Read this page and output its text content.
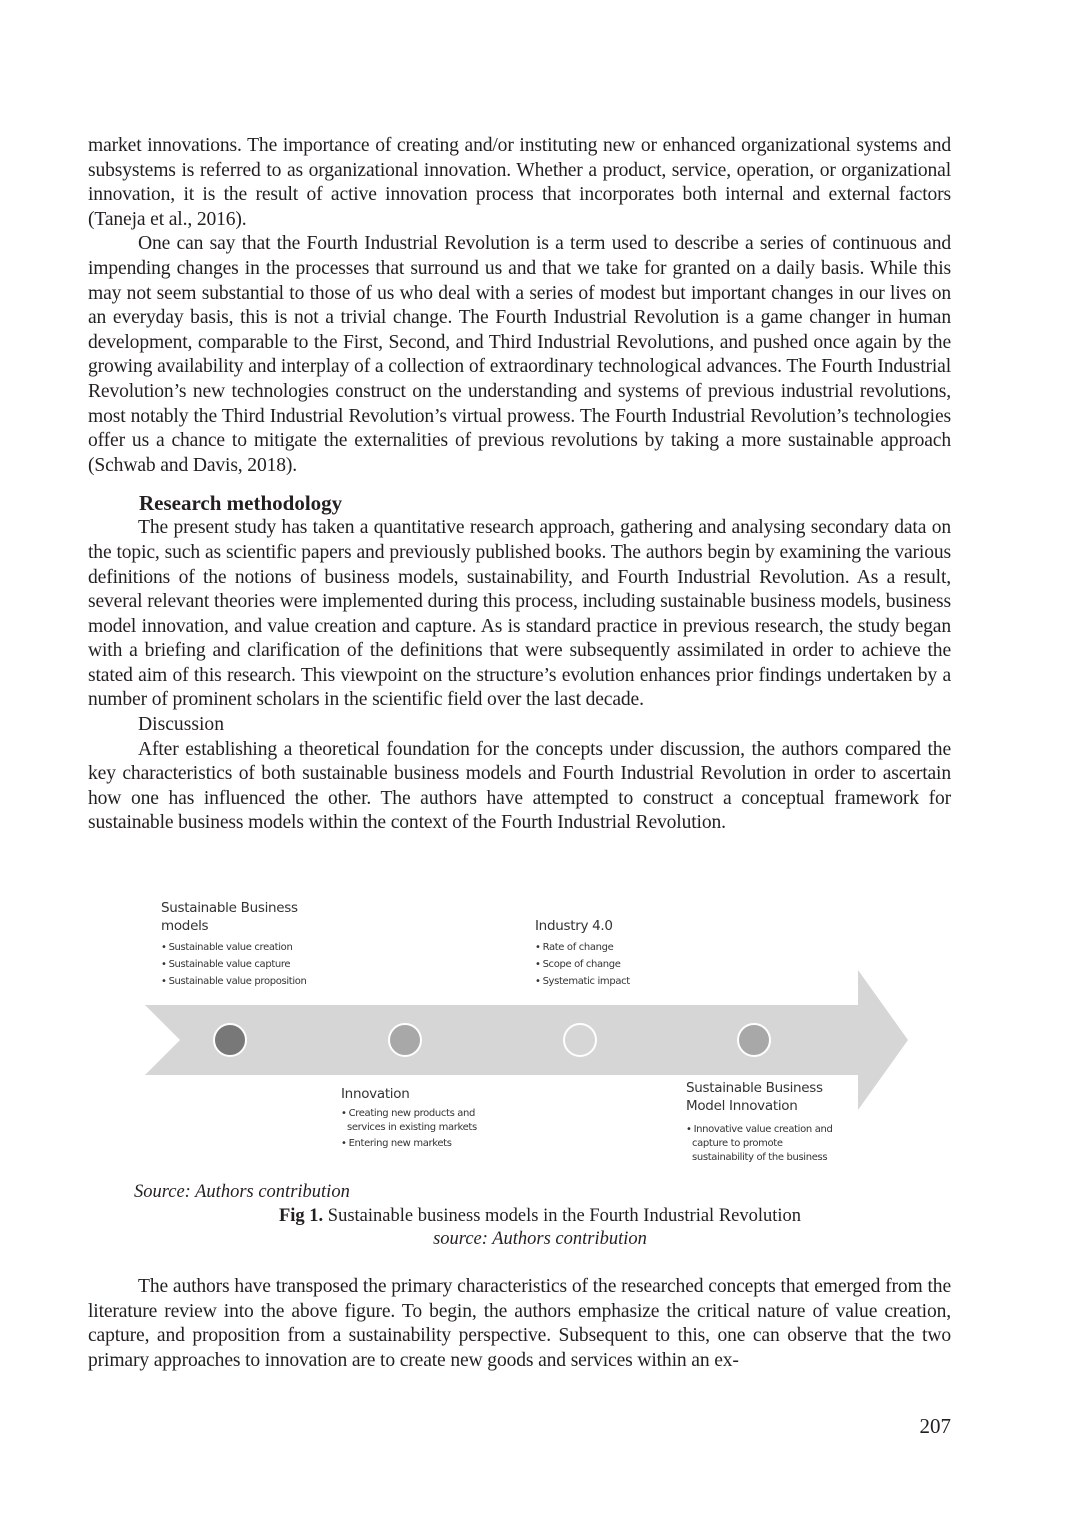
market innovations. The importance of creating and/or instituting new or enhanced organizational systems and subsystems is referred to as organizational innovation. Whether a product, service, operation, or organizational innovation, it is the result of active innovation process that incorporates both internal and external factors (Taneja et al., 2016).

One can say that the Fourth Industrial Revolution is a term used to describe a series of continuous and impending changes in the processes that surround us and that we take for granted on a daily basis. While this may not seem substantial to those of us who deal with a series of modest but important changes in our lives on an everyday basis, this is not a trivial change. The Fourth Industrial Revolution is a game changer in human development, comparable to the First, Second, and Third Industrial Revolutions, and pushed once again by the growing availability and interplay of a collection of extraordinary technological advances. The Fourth Industrial Revolution’s new technologies construct on the understanding and systems of previous industrial revolutions, most notably the Third Industrial Revolution’s virtual prowess. The Fourth Industrial Revolution’s technologies offer us a chance to mitigate the externalities of previous revolutions by taking a more sustainable approach (Schwab and Davis, 2018).

Research methodology

The present study has taken a quantitative research approach, gathering and analysing secondary data on the topic, such as scientific papers and previously published books. The authors begin by examining the various definitions of the notions of business models, sustainability, and Fourth Industrial Revolution. As a result, several relevant theories were implemented during this process, including sustainable business models, business model innovation, and value creation and capture. As is standard practice in previous research, the study began with a briefing and clarification of the definitions that were subsequently assimilated in order to achieve the stated aim of this research. This viewpoint on the structure’s evolution enhances prior findings undertaken by a number of prominent scholars in the scientific field over the last decade.

Discussion

After establishing a theoretical foundation for the concepts under discussion, the authors compared the key characteristics of both sustainable business models and Fourth Industrial Revolution in order to ascertain how one has influenced the other. The authors have attempted to construct a conceptual framework for sustainable business models within the context of the Fourth Industrial Revolution.

Sustainable Business
models
• Sustainable value creation
• Sustainable value capture
• Sustainable value proposition
Industry 4.0
• Rate of change
• Scope of change
• Systematic impact
Innovation
• Creating new products and services in existing markets
• Entering new markets
Sustainable Business
Model Innovation
• Innovative value creation and capture to promote sustainability of the business
Source: Authors contribution
Fig 1. Sustainable business models in the Fourth Industrial Revolution
source: Authors contribution

The authors have transposed the primary characteristics of the researched concepts that emerged from the literature review into the above figure. To begin, the authors emphasize the critical nature of value creation, capture, and proposition from a sustainability perspective. Subsequent to this, one can observe that the two primary approaches to innovation are to create new goods and services within an ex-

207
